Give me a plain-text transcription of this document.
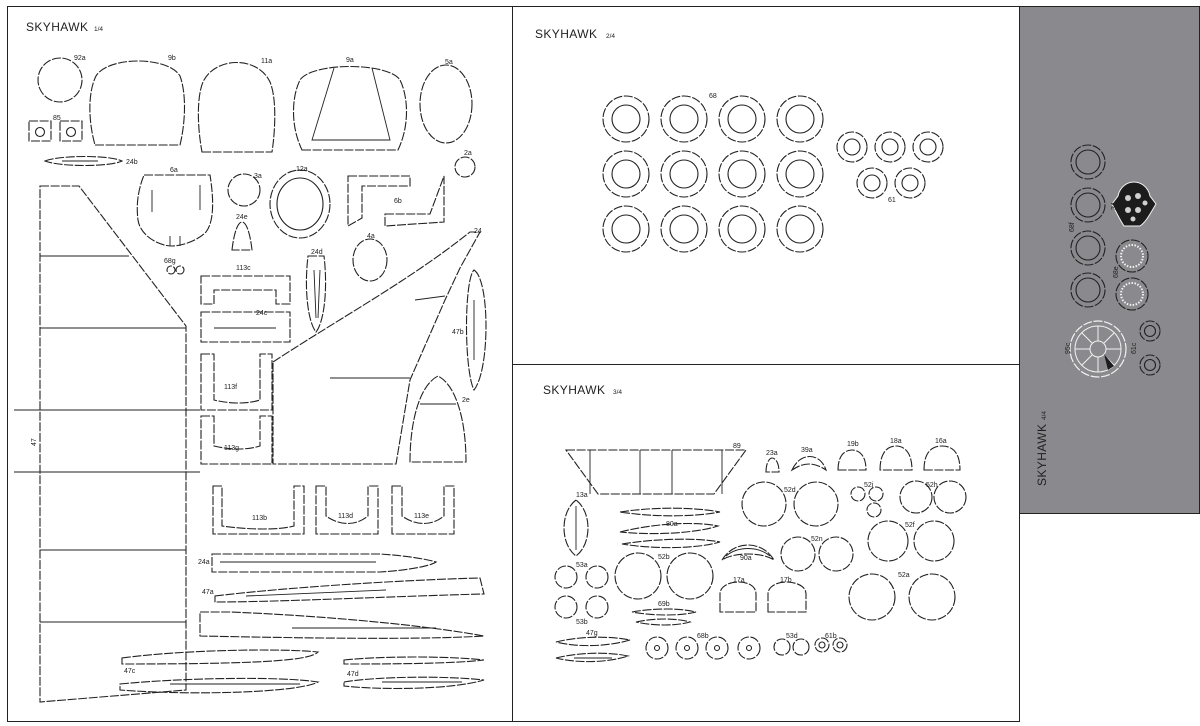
SKYHAWK 1/4	SKYHAWK 2/4
SKYHAWK 3/4
SKYHAWK
4/4
92a	9b	11a	9a	5a
85
24b
6a
3a
12a
2a
6b
24e
24
24d
4a
68g
113c
24c
47b
113f
2e
47
113g
113b	113d	113e
24a
47a
47c	47d
68
61
89
23a	39a
19b	18a	16a
13a
52d
52j	52h
80a	52f
52b	90a
52n
53a
52a
17a	17b
69b
53b
47g	68b	53d	61b
68f
34
68e
95c	61c
